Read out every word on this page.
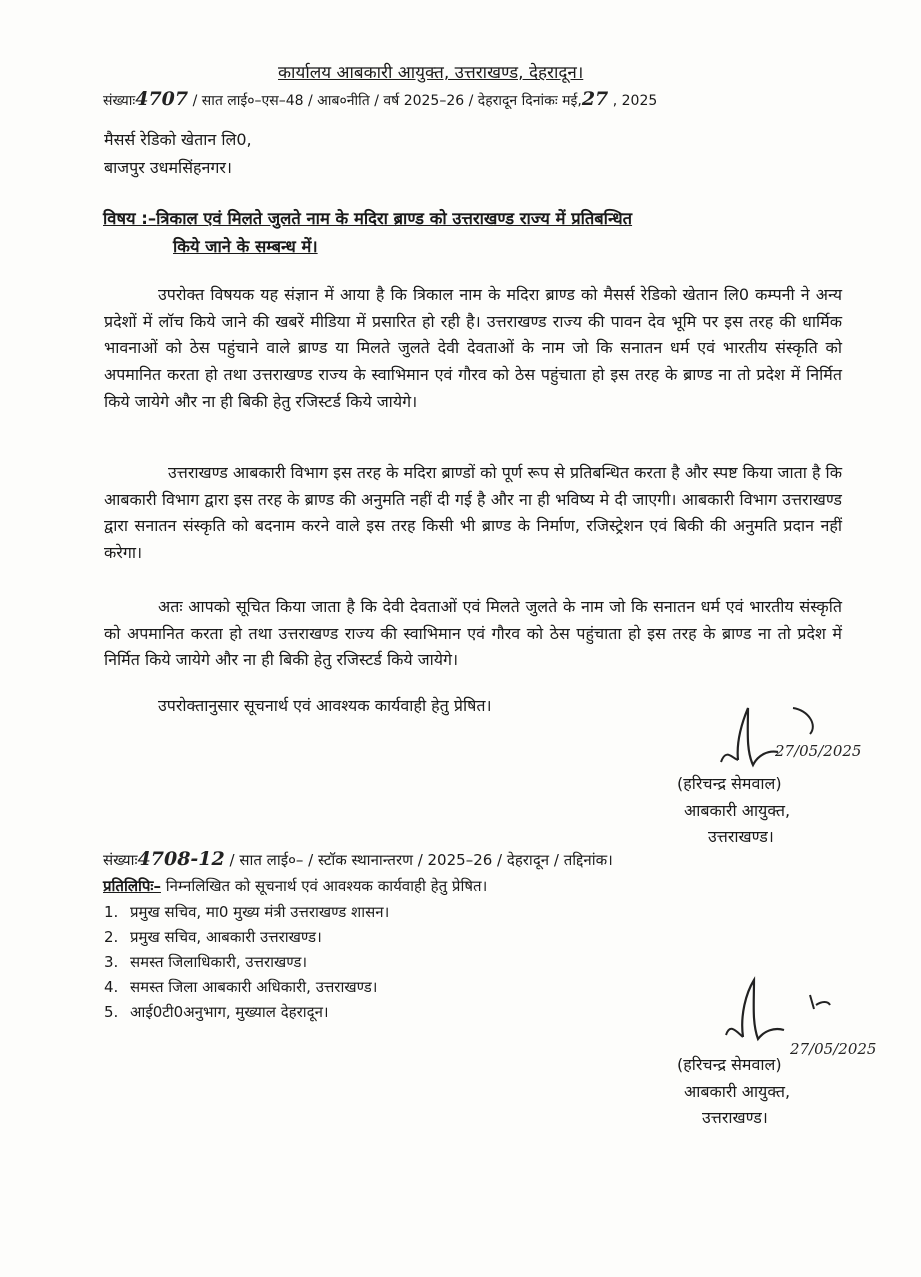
कार्यालय आबकारी आयुक्त, उत्तराखण्ड, देहरादून।
संख्याः4707 / सात लाई०–एस–48 / आब०नीति / वर्ष 2025–26 / देहरादून दिनांकः मई,27 , 2025
मैसर्स रेडिको खेतान लि0,
बाजपुर उधमसिंहनगर।
विषय :–त्रिकाल एवं मिलते जुलते नाम के मदिरा ब्राण्ड को उत्तराखण्ड राज्य में प्रतिबन्धित
किये जाने के सम्बन्ध में।
उपरोक्त विषयक यह संज्ञान में आया है कि त्रिकाल नाम के मदिरा ब्राण्ड को मैसर्स रेडिको खेतान लि0 कम्पनी ने अन्य प्रदेशों में लॉच किये जाने की खबरें मीडिया में प्रसारित हो रही है। उत्तराखण्ड राज्य की पावन देव भूमि पर इस तरह की धार्मिक भावनाओं को ठेस पहुंचाने वाले ब्राण्ड या मिलते जुलते देवी देवताओं के नाम जो कि सनातन धर्म एवं भारतीय संस्कृति को अपमानित करता हो तथा उत्तराखण्ड राज्य के स्वाभिमान एवं गौरव को ठेस पहुंचाता हो इस तरह के ब्राण्ड ना तो प्रदेश में निर्मित किये जायेगे और ना ही बिकी हेतु रजिस्टर्ड किये जायेगे।
उत्तराखण्ड आबकारी विभाग इस तरह के मदिरा ब्राण्डों को पूर्ण रूप से प्रतिबन्धित करता है और स्पष्ट किया जाता है कि आबकारी विभाग द्वारा इस तरह के ब्राण्ड की अनुमति नहीं दी गई है और ना ही भविष्य मे दी जाएगी। आबकारी विभाग उत्तराखण्ड द्वारा सनातन संस्कृति को बदनाम करने वाले इस तरह किसी भी ब्राण्ड के निर्माण, रजिस्ट्रेशन एवं बिकी की अनुमति प्रदान नहीं करेगा।
अतः आपको सूचित किया जाता है कि देवी देवताओं एवं मिलते जुलते के नाम जो कि सनातन धर्म एवं भारतीय संस्कृति को अपमानित करता हो तथा उत्तराखण्ड राज्य की स्वाभिमान एवं गौरव को ठेस पहुंचाता हो इस तरह के ब्राण्ड ना तो प्रदेश में निर्मित किये जायेगे और ना ही बिकी हेतु रजिस्टर्ड किये जायेगे।
उपरोक्तानुसार सूचनार्थ एवं आवश्यक कार्यवाही हेतु प्रेषित।
27/05/2025
(हरिचन्द्र सेमवाल)
आबकारी आयुक्त,
उत्तराखण्ड।
संख्याः4708-12 / सात लाई०– / स्टॉक स्थानान्तरण / 2025–26 / देहरादून / तद्दिनांक।
प्रतिलिपिः– निम्नलिखित को सूचनार्थ एवं आवश्यक कार्यवाही हेतु प्रेषित।
1. प्रमुख सचिव, मा0 मुख्य मंत्री उत्तराखण्ड शासन।
2. प्रमुख सचिव, आबकारी उत्तराखण्ड।
3. समस्त जिलाधिकारी, उत्तराखण्ड।
4. समस्त जिला आबकारी अधिकारी, उत्तराखण्ड।
5. आई0टी0अनुभाग, मुख्याल देहरादून।
27/05/2025
(हरिचन्द्र सेमवाल)
आबकारी आयुक्त,
उत्तराखण्ड।
